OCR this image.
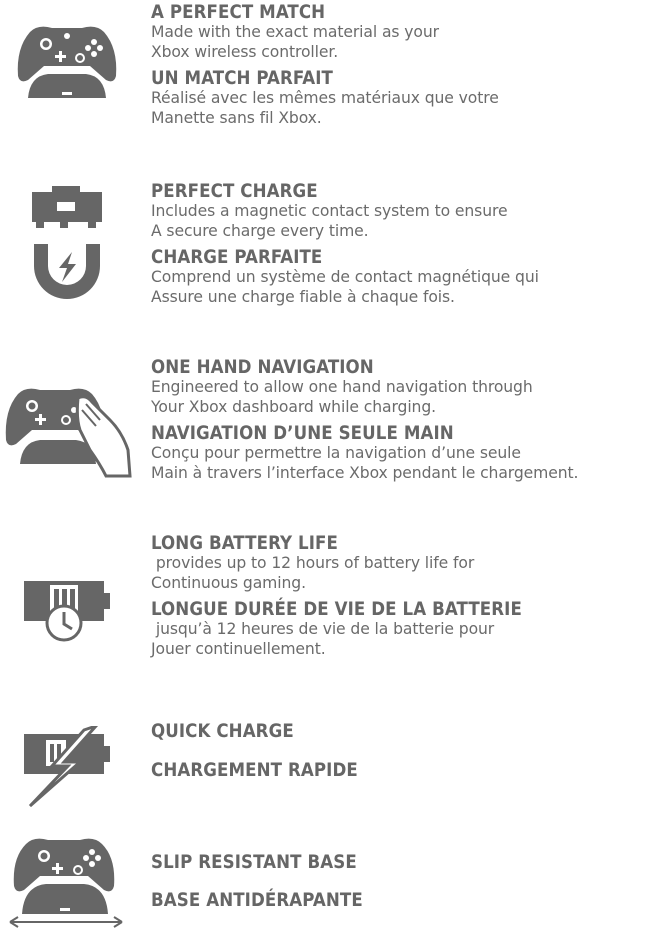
A PERFECT MATCH
Made with the exact material as your
Xbox wireless controller.
UN MATCH PARFAIT
Réalisé avec les mêmes matériaux que votre
Manette sans fil Xbox.
PERFECT CHARGE
Includes a magnetic contact system to ensure
A secure charge every time.
CHARGE PARFAITE
Comprend un système de contact magnétique qui
Assure une charge fiable à chaque fois.
ONE HAND NAVIGATION
Engineered to allow one hand navigation through
Your Xbox dashboard while charging.
NAVIGATION D’UNE SEULE MAIN
Conçu pour permettre la navigation d’une seule
Main à travers l’interface Xbox pendant le chargement.
LONG BATTERY LIFE
provides up to 12 hours of battery life for
Continuous gaming.
LONGUE DURÉE DE VIE DE LA BATTERIE
jusqu’à 12 heures de vie de la batterie pour
Jouer continuellement.
QUICK CHARGE
CHARGEMENT RAPIDE
SLIP RESISTANT BASE
BASE ANTIDÉRAPANTE
